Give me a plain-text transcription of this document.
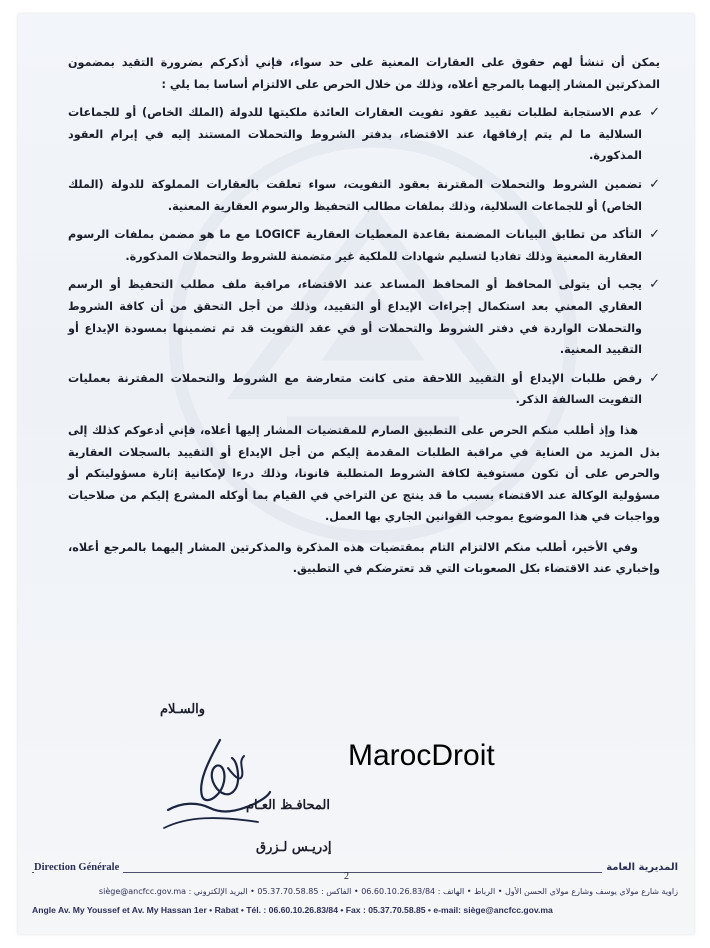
يمكن أن تنشأ لهم حقوق على العقارات المعنية على حد سواء، فإني أذكركم بضرورة التقيد بمضمون المذكرتين المشار إليهما بالمرجع أعلاه، وذلك من خلال الحرص على الالتزام أساسا بما يلي :

✓
عدم الاستجابة لطلبات تقييد عقود تفويت العقارات العائدة ملكيتها للدولة (الملك الخاص) أو للجماعات السلالية ما لم يتم إرفاقها، عند الاقتضاء، بدفتر الشروط والتحملات المستند إليه في إبرام العقود المذكورة.

✓
تضمين الشروط والتحملات المقترنة بعقود التفويت، سواء تعلقت بالعقارات المملوكة للدولة (الملك الخاص) أو للجماعات السلالية، وذلك بملفات مطالب التحفيظ والرسوم العقارية المعنية.

✓
التأكد من تطابق البيانات المضمنة بقاعدة المعطيات العقارية LOGICF مع ما هو مضمن بملفات الرسوم العقارية المعنية وذلك تفاديا لتسليم شهادات للملكية غير متضمنة للشروط والتحملات المذكورة.

✓
يجب أن يتولى المحافظ أو المحافظ المساعد عند الاقتضاء، مراقبة ملف مطلب التحفيظ أو الرسم العقاري المعني بعد استكمال إجراءات الإيداع أو التقييد، وذلك من أجل التحقق من أن كافة الشروط والتحملات الواردة في دفتر الشروط والتحملات أو في عقد التفويت قد تم تضمينها بمسودة الإيداع أو التقييد المعنية.

✓
رفض طلبات الإيداع أو التقييد اللاحقة متى كانت متعارضة مع الشروط والتحملات المقترنة بعمليات التفويت السالفة الذكر.

هذا وإذ أطلب منكم الحرص على التطبيق الصارم للمقتضيات المشار إليها أعلاه، فإني أدعوكم كذلك إلى بذل المزيد من العناية في مراقبة الطلبات المقدمة إليكم من أجل الإيداع أو التقييد بالسجلات العقارية والحرص على أن تكون مستوفية لكافة الشروط المتطلبة قانونا، وذلك درءا لإمكانية إثارة مسؤوليتكم أو مسؤولية الوكالة عند الاقتضاء بسبب ما قد ينتج عن التراخي في القيام بما أوكله المشرع إليكم من صلاحيات وواجبات في هذا الموضوع بموجب القوانين الجاري بها العمل.

وفي الأخير، أطلب منكم الالتزام التام بمقتضيات هذه المذكرة والمذكرتين المشار إليهما بالمرجع أعلاه، وإخباري عند الاقتضاء بكل الصعوبات التي قد تعترضكم في التطبيق.

والسـلام
المحافـظ العـام
إدريـس لـزرق
MarocDroit
Direction Générale	المديرية العامة
2
زاوية شارع مولاي يوسف وشارع مولاي الحسن الأول • الرباط • الهاتف : 06.60.10.26.83/84 • الفاكس : 05.37.70.58.85 • البريد الإلكتروني : siège@ancfcc.gov.ma
Angle Av. My Youssef et Av. My Hassan 1er • Rabat • Tél. : 06.60.10.26.83/84 • Fax : 05.37.70.58.85 • e-mail: siège@ancfcc.gov.ma
